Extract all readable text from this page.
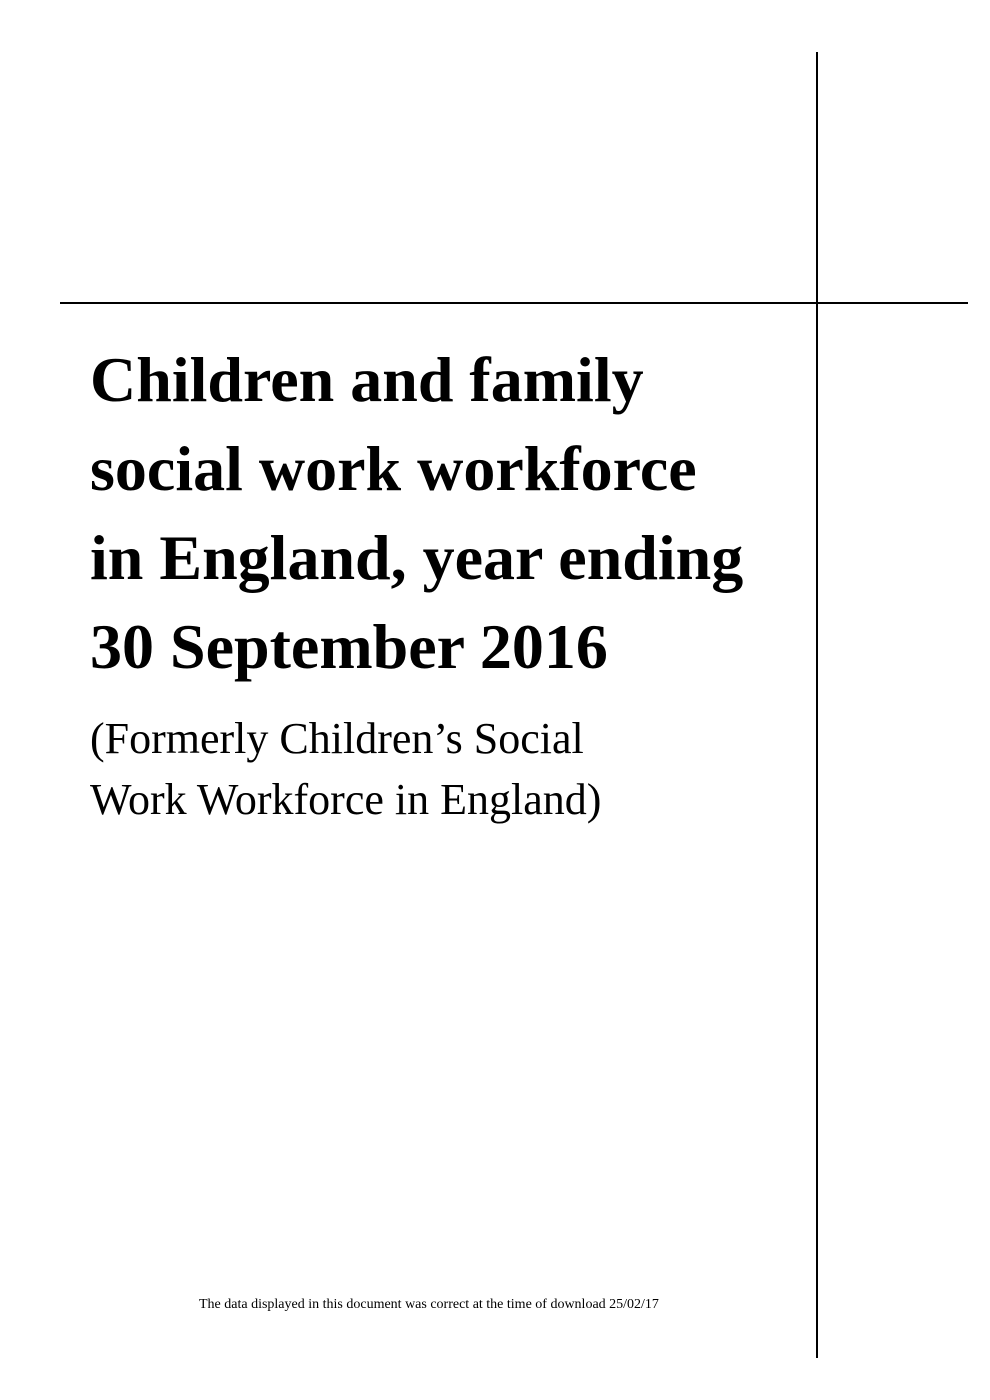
Children and family
social work workforce
in England, year ending
30 September 2016
(Formerly Children’s Social
Work Workforce in England)
The data displayed in this document was correct at the time of download 25/02/17
